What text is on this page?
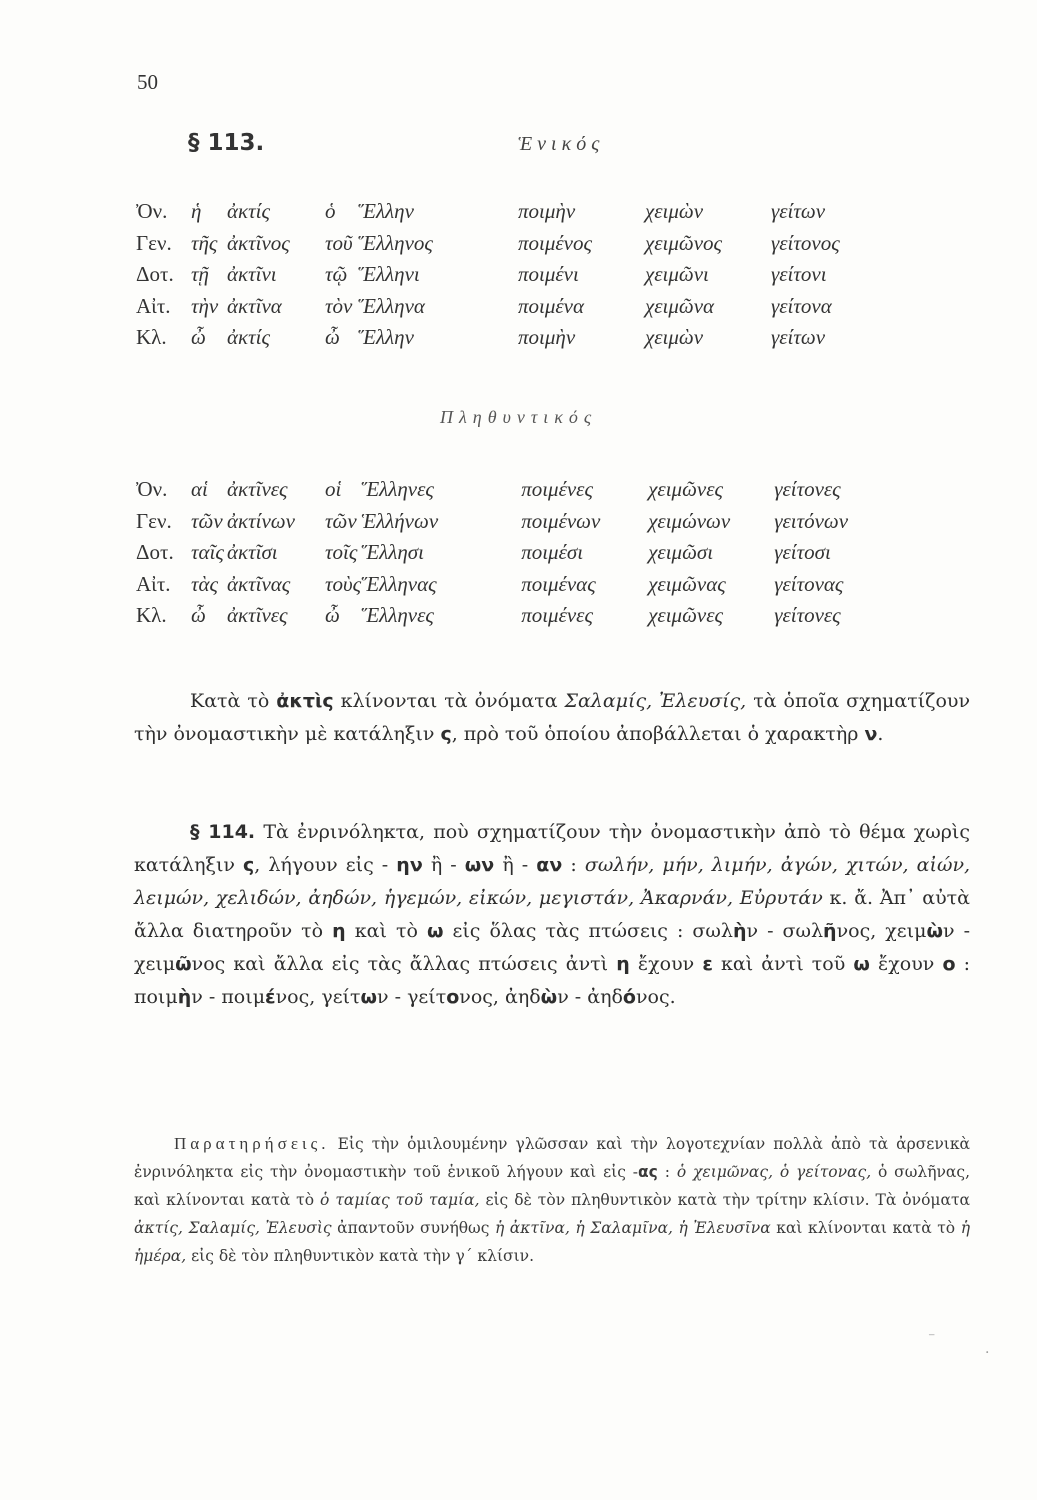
50
§ 113.	Ἑνικός
Ὀν.	ἡ	ἀκτίς	ὁ	Ἕλλην	ποιμὴν	χειμὼν	γείτων
Γεν.	τῆς	ἀκτῖνος	τοῦ	Ἕλληνος	ποιμένος	χειμῶνος	γείτονος
Δοτ.	τῇ	ἀκτῖνι	τῷ	Ἕλληνι	ποιμένι	χειμῶνι	γείτονι
Αἰτ.	τὴν	ἀκτῖνα	τὸν	Ἕλληνα	ποιμένα	χειμῶνα	γείτονα
Κλ.	ὦ	ἀκτίς	ὦ	Ἕλλην	ποιμὴν	χειμὼν	γείτων
Πληθυντικός
Ὀν.	αἱ	ἀκτῖνες	οἱ	Ἕλληνες	ποιμένες	χειμῶνες	γείτονες
Γεν.	τῶν	ἀκτίνων	τῶν	Ἑλλήνων	ποιμένων	χειμώνων	γειτόνων
Δοτ.	ταῖς	ἀκτῖσι	τοῖς	Ἕλλησι	ποιμέσι	χειμῶσι	γείτοσι
Αἰτ.	τὰς	ἀκτῖνας	τοὺς	Ἕλληνας	ποιμένας	χειμῶνας	γείτονας
Κλ.	ὦ	ἀκτῖνες	ὦ	Ἕλληνες	ποιμένες	χειμῶνες	γείτονες

Κατὰ τὸ ἀκτὶς κλίνονται τὰ ὀνόματα Σαλαμίς, Ἐλευσίς, τὰ ὁποῖα σχηματίζουν τὴν ὀνομαστικὴν μὲ κατάληξιν ς, πρὸ τοῦ ὁποίου ἀποβάλλεται ὁ χαρακτὴρ ν.

§ 114. Τὰ ἐνρινόληκτα, ποὺ σχηματίζουν τὴν ὀνομαστικὴν ἀπὸ τὸ θέμα χωρὶς κατάληξιν ς, λήγουν εἰς - ην ἢ - ων ἢ - αν : σωλήν, μήν, λιμήν, ἀγών, χιτών, αἰών, λειμών, χελιδών, ἀηδών, ἡγεμών, εἰκών, μεγιστάν, Ἀκαρνάν, Εὐρυτάν κ. ἄ. Ἀπ᾿ αὐτὰ ἄλλα διατηροῦν τὸ η καὶ τὸ ω εἰς ὅλας τὰς πτώσεις : σωλὴν - σωλῆνος, χειμὼν - χειμῶνος καὶ ἄλλα εἰς τὰς ἄλλας πτώσεις ἀντὶ η ἔχουν ε καὶ ἀντὶ τοῦ ω ἔχουν ο : ποιμὴν - ποιμένος, γείτων - γείτονος, ἀηδὼν - ἀηδόνος.

Παρατηρήσεις. Εἰς τὴν ὁμιλουμένην γλῶσσαν καὶ τὴν λογοτεχνίαν πολλὰ ἀπὸ τὰ ἀρσενικὰ ἐνρινόληκτα εἰς τὴν ὀνομαστικὴν τοῦ ἑνικοῦ λήγουν καὶ εἰς -ας : ὁ χειμῶνας, ὁ γείτονας, ὁ σωλῆνας, καὶ κλίνονται κατὰ τὸ ὁ ταμίας τοῦ ταμία, εἰς δὲ τὸν πληθυντικὸν κατὰ τὴν τρίτην κλίσιν. Τὰ ὀνόματα ἀκτίς, Σαλαμίς, Ἐλευσὶς ἀπαντοῦν συνήθως ἡ ἀκτῖνα, ἡ Σαλαμῖνα, ἡ Ἐλευσῖνα καὶ κλίνονται κατὰ τὸ ἡ ἡμέρα, εἰς δὲ τὸν πληθυντικὸν κατὰ τὴν γ΄ κλίσιν.

⁻
·
